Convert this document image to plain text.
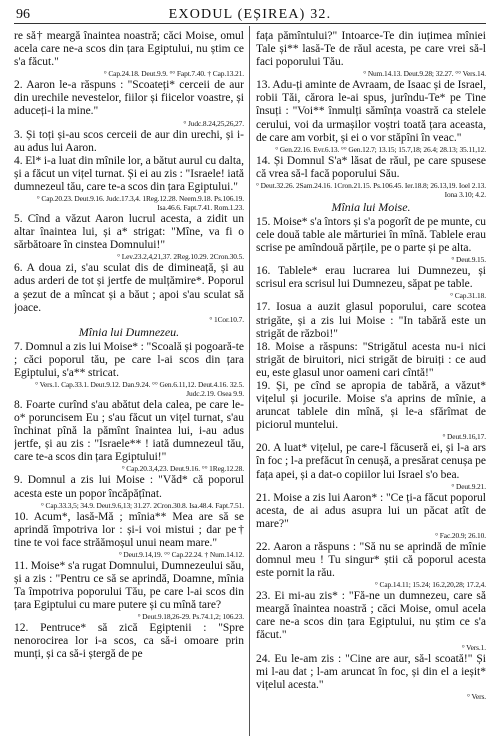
96	EXODUL (EȘIREA) 32.

re să† meargă înaintea noastră; căci Moise, omul acela care ne-a scos din țara Egiptului, nu știm ce s'a făcut."

° Cap.24.18. Deut.9.9. °° Fapt.7.40. † Cap.13.21.

2. Aaron le-a răspuns : "Scoateți* cerceii de aur din urechile nevestelor, fiilor și fiicelor voastre, și aduceți-i la mine."

° Judc.8.24,25,26,27.

3. Și toți și-au scos cerceii de aur din urechi, și i-au adus lui Aaron.

4. El* i-a luat din mînile lor, a bătut aurul cu dalta, și a făcut un vițel turnat. Și ei au zis : "Israele! iată dumnezeul tău, care te-a scos din țara Egiptului."

° Cap.20.23. Deut.9.16. Judc.17.3,4. 1Reg.12.28. Neem.9.18. Ps.106.19. Isa.46.6. Fapt.7.41. Rom.1.23.

5. Cînd a văzut Aaron lucrul acesta, a zidit un altar înaintea lui, și a* strigat: "Mîne, va fi o sărbătoare în cinstea Domnului!"

° Lev.23.2,4,21,37. 2Reg.10.29. 2Cron.30.5.

6. A doua zi, s'au sculat dis de dimineață, și au adus arderi de tot și jertfe de mulțămire*. Poporul a șezut de a mîncat și a băut ; apoi s'au sculat să joace.

° 1Cor.10.7.

Mînia lui Dumnezeu.

7. Domnul a zis lui Moise* : "Scoală și pogoară-te ; căci poporul tău, pe care l-ai scos din țara Egiptului, s'a** stricat.

° Vers.1. Cap.33.1. Deut.9.12. Dan.9.24. °° Gen.6.11,12. Deut.4.16. 32.5. Judc.2.19. Osea 9.9.

8. Foarte curînd s'au abătut dela calea, pe care le-o* poruncisem Eu ; s'au făcut un vițel turnat, s'au închinat pînă la pămînt înaintea lui, i-au adus jertfe, și au zis : "Israele** ! iată dumnezeul tău, care te-a scos din țara Egiptului!"

° Cap.20.3,4,23. Deut.9.16. °° 1Reg.12.28.

9. Domnul a zis lui Moise : "Văd* că poporul acesta este un popor încăpățînat.

° Cap.33.3,5; 34.9. Deut.9.6,13; 31.27. 2Cron.30.8. Isa.48.4. Fapt.7.51.

10. Acum*, lasă-Mă ; mînia** Mea are să se aprindă împotriva lor : și-i voi mistui ; dar pe† tine te voi face străămoșul unui neam mare."

° Deut.9.14,19. °° Cap.22.24. † Num.14.12.

11. Moise* s'a rugat Domnului, Dumnezeului său, și a zis : "Pentru ce să se aprindă, Doamne, mînia Ta împotriva poporului Tău, pe care l-ai scos din țara Egiptului cu mare putere și cu mînă tare?

° Deut.9.18,26-29. Ps.74.1,2; 106.23.

12. Pentruce* să zică Egiptenii : "Spre nenorocirea lor i-a scos, ca să-i omoare prin munți, și ca să-i ștergă de pe

fața pămîntului?" Intoarce-Te din iuțimea mîniei Tale și** lasă-Te de răul acesta, pe care vrei să-l faci poporului Tău.

° Num.14.13. Deut.9.28; 32.27. °° Vers.14.

13. Adu-ți aminte de Avraam, de Isaac și de Israel, robii Tăi, cărora le-ai spus, jurîndu-Te* pe Tine însuți : "Voi** înmulți sămînța voastră ca stelele cerului, voi da urmașilor voștri toată țara aceasta, de care am vorbit, și ei o vor stăpîni în veac."

° Gen.22.16. Evr.6.13. °° Gen.12.7; 13.15; 15.7,18; 26.4; 28.13; 35.11,12.

14. Și Domnul S'a* lăsat de răul, pe care spusese că vrea să-l facă poporului Său.

° Deut.32.26. 2Sam.24.16. 1Cron.21.15. Ps.106.45. Ier.18.8; 26.13,19. Ioel 2.13. Iona 3.10; 4.2.

Mînia lui Moise.

15. Moise* s'a întors și s'a pogorît de pe munte, cu cele două table ale mărturiei în mînă. Tablele erau scrise pe amîndouă părțile, pe o parte și pe alta.

° Deut.9.15.

16. Tablele* erau lucrarea lui Dumnezeu, și scrisul era scrisul lui Dumnezeu, săpat pe table.

° Cap.31.18.

17. Iosua a auzit glasul poporului, care scotea strigăte, și a zis lui Moise : "In tabără este un strigăt de război!"

18. Moise a răspuns: "Strigătul acesta nu-i nici strigăt de biruitori, nici strigăt de biruiți : ce aud eu, este glasul unor oameni cari cîntă!"

19. Și, pe cînd se apropia de tabără, a văzut* vițelul și jocurile. Moise s'a aprins de mînie, a aruncat tablele din mînă, și le-a sfărîmat de piciorul muntelui.

° Deut.9.16,17.

20. A luat* vițelul, pe care-l făcuseră ei, și l-a ars în foc ; l-a prefăcut în cenușă, a presărat cenușa pe fața apei, și a dat-o copiilor lui Israel s'o bea.

° Deut.9.21.

21. Moise a zis lui Aaron* : "Ce ți-a făcut poporul acesta, de ai adus asupra lui un păcat atît de mare?"

° Fac.20.9; 26.10.

22. Aaron a răspuns : "Să nu se aprindă de mînie domnul meu ! Tu singur* știi că poporul acesta este pornit la rău.

° Cap.14.11; 15.24; 16.2,20,28; 17.2,4.

23. Ei mi-au zis* : "Fă-ne un dumnezeu, care să meargă înaintea noastră ; căci Moise, omul acela care ne-a scos din țara Egiptului, nu știm ce s'a făcut."

° Vers.1.

24. Eu le-am zis : "Cine are aur, să-l scoată!" Și mi l-au dat ; l-am aruncat în foc, și din el a ieșit* vițelul acesta."

° Vers.
